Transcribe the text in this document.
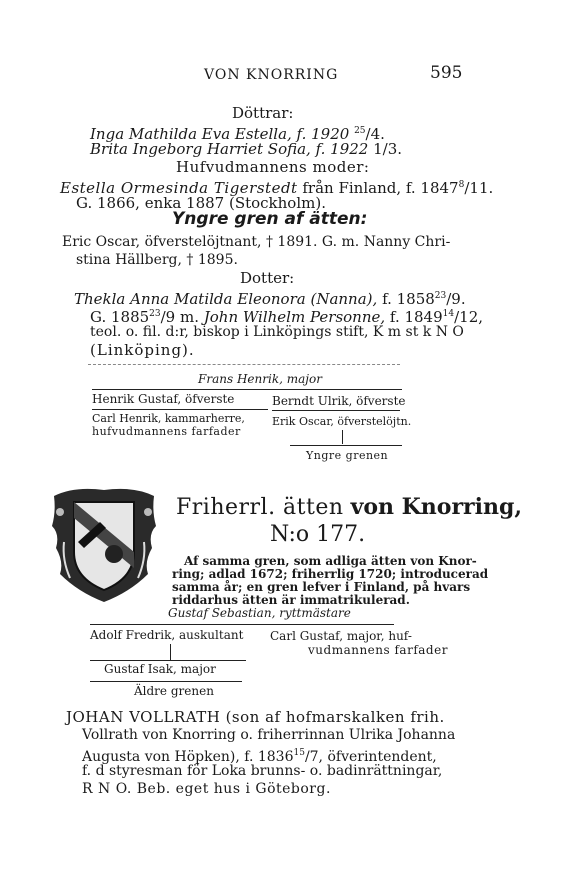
VON KNORRING	595
Döttrar:
Inga Mathilda Eva Estella, f. 1920 $^{25}$/4.
Brita Ingeborg Harriet Sofia, f. 1922 1/3.
Hufvudmannens moder:
Estella Ormesinda Tigerstedt från Finland, f. 1847$^8$/11.
G. 1866, enka 1887 (Stockholm).
Yngre gren af ätten:
Eric Oscar, öfverstelöjtnant, † 1891. G. m. Nanny Chri-
stina Hällberg, † 1895.
Dotter:
Thekla Anna Matilda Eleonora (Nanna), f. 1858$^{23}$/9.
G. 1885$^{23}$/9 m. John Wilhelm Personne, f. 1849$^{14}$/12,
teol. o. fil. d:r, biskop i Linköpings stift, K m st k N O
(Linköping).
Frans Henrik, major
Henrik Gustaf, öfverste	Berndt Ulrik, öfverste
Carl Henrik, kammarherre,
hufvudmannens farfader
Erik Oscar, öfverstelöjtn.
Yngre grenen
Friherrl. ätten von Knorring,
N:o 177.
Af samma gren, som adliga ätten von Knor-
ring; adlad 1672; friherrlig 1720; introducerad
samma år; en gren lefver i Finland, på hvars
riddarhus ätten är immatrikulerad.
Gustaf Sebastian, ryttmästare
Adolf Fredrik, auskultant Carl Gustaf, major, huf-
vudmannens farfader
Gustaf Isak, major
Äldre grenen
JOHAN VOLLRATH (son af hofmarskalken frih.
Vollrath von Knorring o. friherrinnan Ulrika Johanna
Augusta von Höpken), f. 1836$^{15}$/7, öfverintendent,
f. d styresman för Loka brunns- o. badinrättningar,
R N O. Beb. eget hus i Göteborg.
